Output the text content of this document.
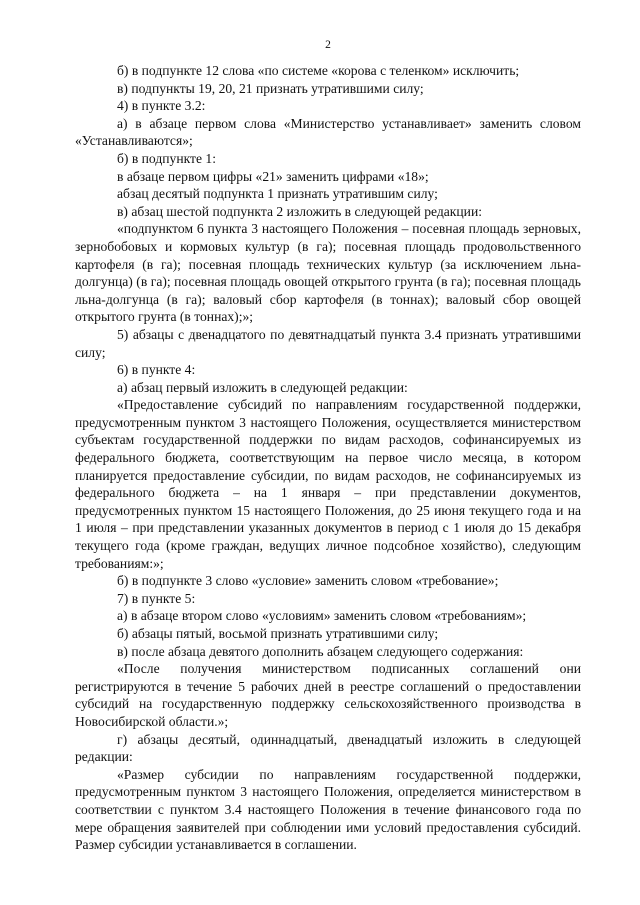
2

б) в подпункте 12 слова «по системе «корова с теленком» исключить;

в) подпункты 19, 20, 21 признать утратившими силу;

4) в пункте 3.2:

а) в абзаце первом слова «Министерство устанавливает» заменить словом «Устанавливаются»;

б) в подпункте 1:

в абзаце первом цифры «21» заменить цифрами «18»;

абзац десятый подпункта 1 признать утратившим силу;

в) абзац шестой подпункта 2 изложить в следующей редакции:

«подпунктом 6 пункта 3 настоящего Положения – посевная площадь зерновых, зернобобовых и кормовых культур (в га); посевная площадь продовольственного картофеля (в га); посевная площадь технических культур (за исключением льна-долгунца) (в га); посевная площадь овощей открытого грунта (в га); посевная площадь льна-долгунца (в га); валовый сбор картофеля (в тоннах); валовый сбор овощей открытого грунта (в тоннах);»;

5) абзацы с двенадцатого по девятнадцатый пункта 3.4 признать утратившими силу;

6) в пункте 4:

а) абзац первый изложить в следующей редакции:

«Предоставление субсидий по направлениям государственной поддержки, предусмотренным пунктом 3 настоящего Положения, осуществляется министерством субъектам государственной поддержки по видам расходов, софинансируемых из федерального бюджета, соответствующим на первое число месяца, в котором планируется предоставление субсидии, по видам расходов, не софинансируемых из федерального бюджета – на 1 января – при представлении документов, предусмотренных пунктом 15 настоящего Положения, до 25 июня текущего года и на 1 июля – при представлении указанных документов в период с 1 июля до 15 декабря текущего года (кроме граждан, ведущих личное подсобное хозяйство), следующим требованиям:»;

б) в подпункте 3 слово «условие» заменить словом «требование»;

7) в пункте 5:

а) в абзаце втором слово «условиям» заменить словом «требованиям»;

б) абзацы пятый, восьмой признать утратившими силу;

в) после абзаца девятого дополнить абзацем следующего содержания:

«После получения министерством подписанных соглашений они регистрируются в течение 5 рабочих дней в реестре соглашений о предоставлении субсидий на государственную поддержку сельскохозяйственного производства в Новосибирской области.»;

г) абзацы десятый, одиннадцатый, двенадцатый изложить в следующей редакции:

«Размер субсидии по направлениям государственной поддержки, предусмотренным пунктом 3 настоящего Положения, определяется министерством в соответствии с пунктом 3.4 настоящего Положения в течение финансового года по мере обращения заявителей при соблюдении ими условий предоставления субсидий. Размер субсидии устанавливается в соглашении.
